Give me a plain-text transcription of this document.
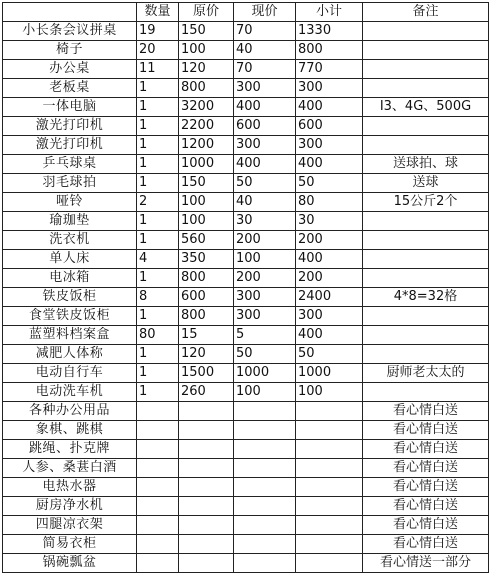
	数量	原价	现价	小计	备注
小长条会议拼桌	19	150	70	1330	
椅子	20	100	40	800	
办公桌	11	120	70	770	
老板桌	1	800	300	300	
一体电脑	1	3200	400	400	I3、4G、500G
激光打印机	1	2200	600	600	
激光打印机	1	1200	300	300	
乒乓球桌	1	1000	400	400	送球拍、球
羽毛球拍	1	150	50	50	送球
哑铃	2	100	40	80	15公斤2个
瑜珈垫	1	100	30	30	
洗衣机	1	560	200	200	
单人床	4	350	100	400	
电冰箱	1	800	200	200	
铁皮饭柜	8	600	300	2400	4*8=32格
食堂铁皮饭柜	1	800	300	300	
蓝塑料档案盒	80	15	5	400	
减肥人体称	1	120	50	50	
电动自行车	1	1500	1000	1000	厨师老太太的
电动洗车机	1	260	100	100	
各种办公用品					看心情白送
象棋、跳棋					看心情白送
跳绳、扑克牌					看心情白送
人参、桑葚白酒					看心情白送
电热水器					看心情白送
厨房净水机					看心情白送
四腿凉衣架					看心情白送
简易衣柜					看心情白送
锅碗瓢盆					看心情送一部分
